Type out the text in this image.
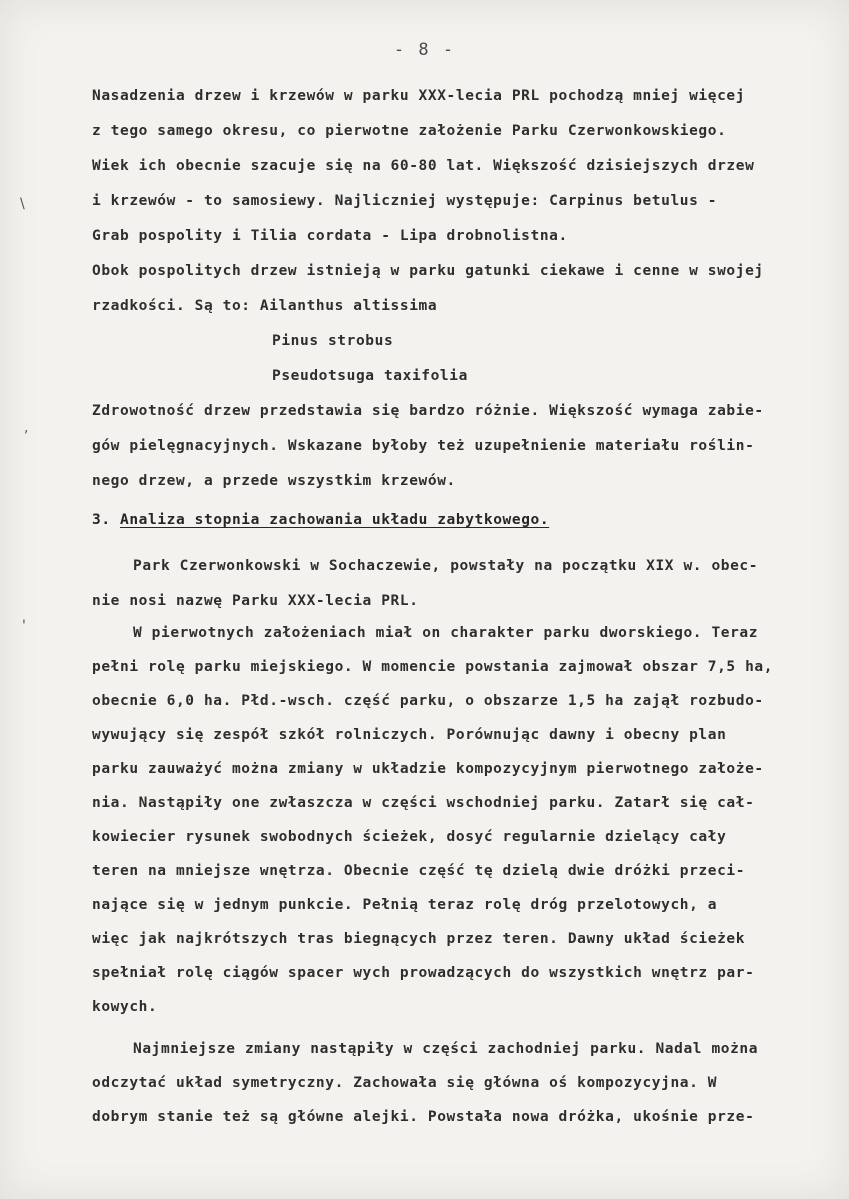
- 8 -
\
,
'
Nasadzenia drzew i krzewów w parku XXX-lecia PRL pochodzą mniej więcej
z tego samego okresu, co pierwotne założenie Parku Czerwonkowskiego.
Wiek ich obecnie szacuje się na 60-80 lat. Większość dzisiejszych drzew
i krzewów - to samosiewy. Najliczniej występuje: Carpinus betulus -
Grab pospolity i Tilia cordata - Lipa drobnolistna.
Obok pospolitych drzew istnieją w parku gatunki ciekawe i cenne w swojej
rzadkości. Są to: Ailanthus altissima
Pinus strobus
Pseudotsuga taxifolia
Zdrowotność drzew przedstawia się bardzo różnie. Większość wymaga zabie-
gów pielęgnacyjnych. Wskazane byłoby też uzupełnienie materiału roślin-
nego drzew, a przede wszystkim krzewów.
3. Analiza stopnia zachowania układu zabytkowego.
Park Czerwonkowski w Sochaczewie, powstały na początku XIX w. obec-
nie nosi nazwę Parku XXX-lecia PRL.
W pierwotnych założeniach miał on charakter parku dworskiego. Teraz
pełni rolę parku miejskiego. W momencie powstania zajmował obszar 7,5 ha,
obecnie 6,0 ha. Płd.-wsch. część parku, o obszarze 1,5 ha zajął rozbudo-
wywujący się zespół szkół rolniczych. Porównując dawny i obecny plan
parku zauważyć można zmiany w układzie kompozycyjnym pierwotnego założe-
nia. Nastąpiły one zwłaszcza w części wschodniej parku. Zatarł się cał-
kowiecier rysunek swobodnych ścieżek, dosyć regularnie dzielący cały
teren na mniejsze wnętrza. Obecnie część tę dzielą dwie dróżki przeci-
nające się w jednym punkcie. Pełnią teraz rolę dróg przelotowych, a
więc jak najkrótszych tras biegnących przez teren. Dawny układ ścieżek
spełniał rolę ciągów spacer wych prowadzących do wszystkich wnętrz par-
kowych.
Najmniejsze zmiany nastąpiły w części zachodniej parku. Nadal można
odczytać układ symetryczny. Zachowała się główna oś kompozycyjna. W
dobrym stanie też są główne alejki. Powstała nowa dróżka, ukośnie prze-
